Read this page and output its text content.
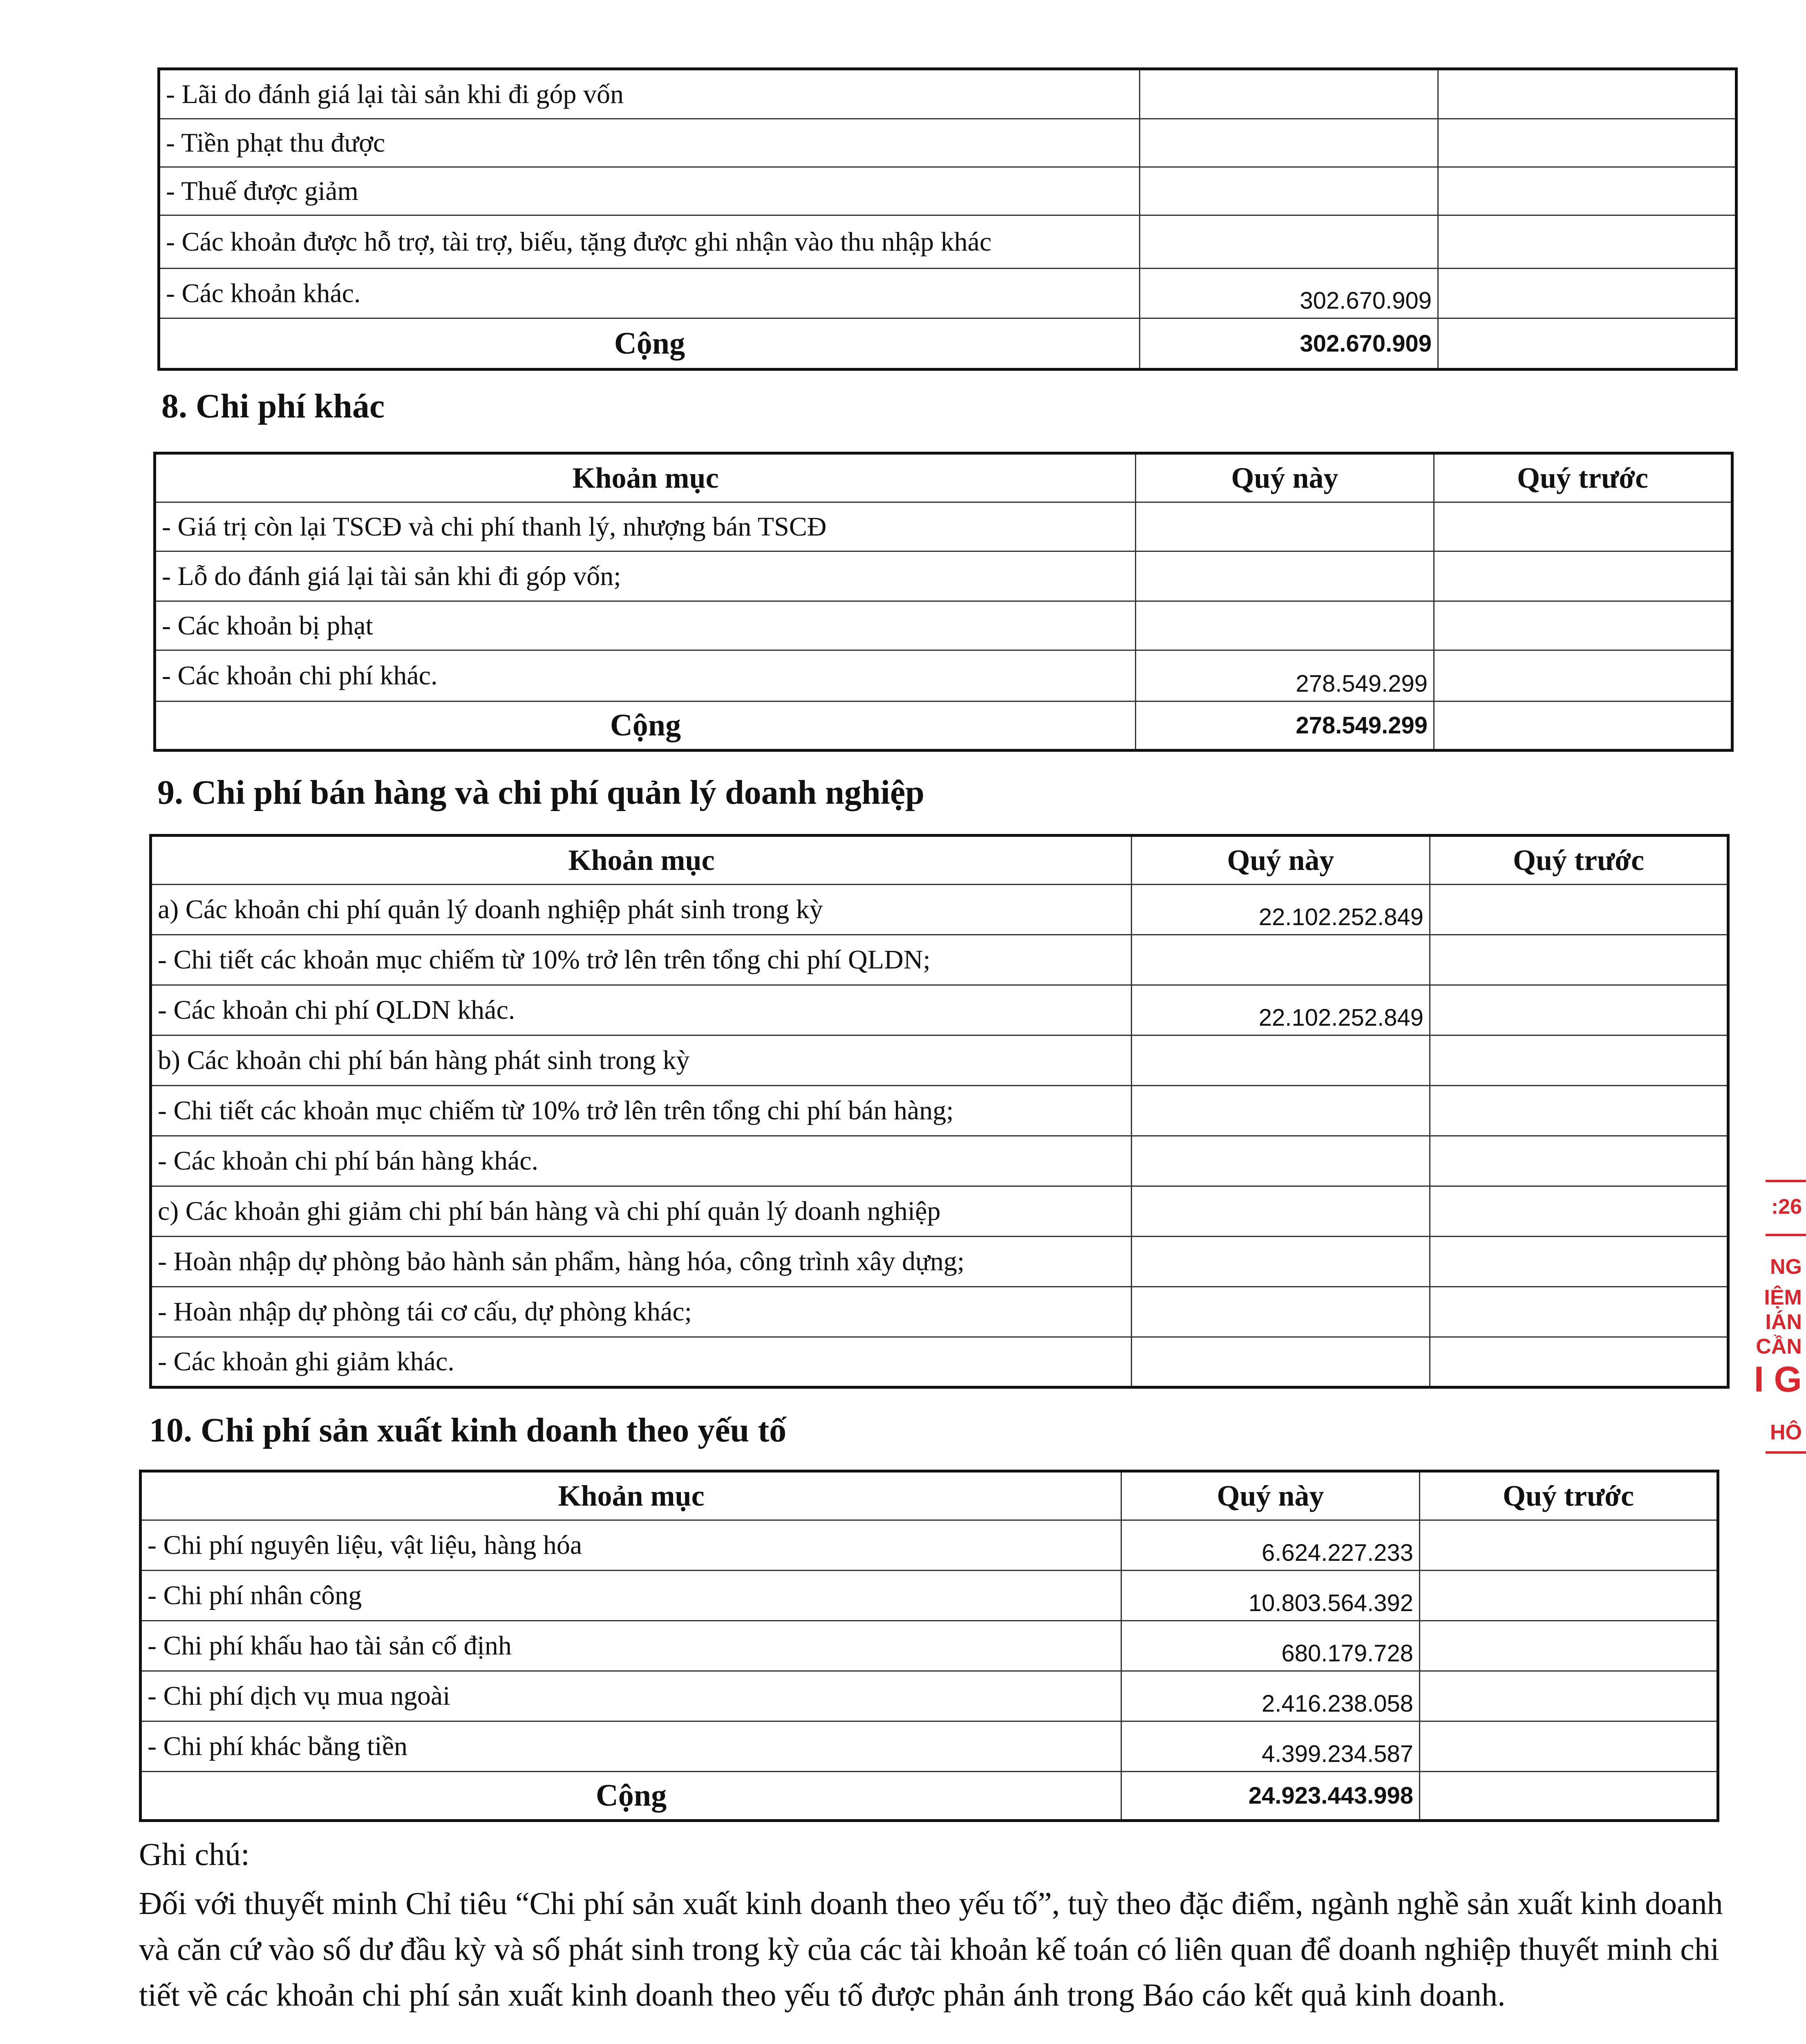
- Lãi do đánh giá lại tài sản khi đi góp vốn		
- Tiền phạt thu được		
- Thuế được giảm		
- Các khoản được hỗ trợ, tài trợ, biếu, tặng được ghi nhận vào thu nhập khác		
- Các khoản khác.	302.670.909	
Cộng	302.670.909	
8. Chi phí khác
Khoản mục	Quý này	Quý trước
- Giá trị còn lại TSCĐ và chi phí thanh lý, nhượng bán TSCĐ		
- Lỗ do đánh giá lại tài sản khi đi góp vốn;		
- Các khoản bị phạt		
- Các khoản chi phí khác.	278.549.299	
Cộng	278.549.299	
9. Chi phí bán hàng và chi phí quản lý doanh nghiệp
Khoản mục	Quý này	Quý trước
a) Các khoản chi phí quản lý doanh nghiệp phát sinh trong kỳ	22.102.252.849	
- Chi tiết các khoản mục chiếm từ 10% trở lên trên tổng chi phí QLDN;		
- Các khoản chi phí QLDN khác.	22.102.252.849	
b) Các khoản chi phí bán hàng phát sinh trong kỳ		
- Chi tiết các khoản mục chiếm từ 10% trở lên trên tổng chi phí bán hàng;		
- Các khoản chi phí bán hàng khác.		
c) Các khoản ghi giảm chi phí bán hàng và chi phí quản lý doanh nghiệp		
- Hoàn nhập dự phòng bảo hành sản phẩm, hàng hóa, công trình xây dựng;		
- Hoàn nhập dự phòng tái cơ cấu, dự phòng khác;		
- Các khoản ghi giảm khác.		
10. Chi phí sản xuất kinh doanh theo yếu tố
Khoản mục	Quý này	Quý trước
- Chi phí nguyên liệu, vật liệu, hàng hóa	6.624.227.233	
- Chi phí nhân công	10.803.564.392	
- Chi phí khấu hao tài sản cố định	680.179.728	
- Chi phí dịch vụ mua ngoài	2.416.238.058	
- Chi phí khác bằng tiền	4.399.234.587	
Cộng	24.923.443.998	

Ghi chú:

Đối với thuyết minh Chỉ tiêu “Chi phí sản xuất kinh doanh theo yếu tố”, tuỳ theo đặc điểm, ngành nghề sản xuất kinh doanh và căn cứ vào số dư đầu kỳ và số phát sinh trong kỳ của các tài khoản kế toán có liên quan để doanh nghiệp thuyết minh chi tiết về các khoản chi phí sản xuất kinh doanh theo yếu tố được phản ánh trong Báo cáo kết quả kinh doanh.

:26
NG
IỆM
IÁN
CẦN
I G
HÔ
